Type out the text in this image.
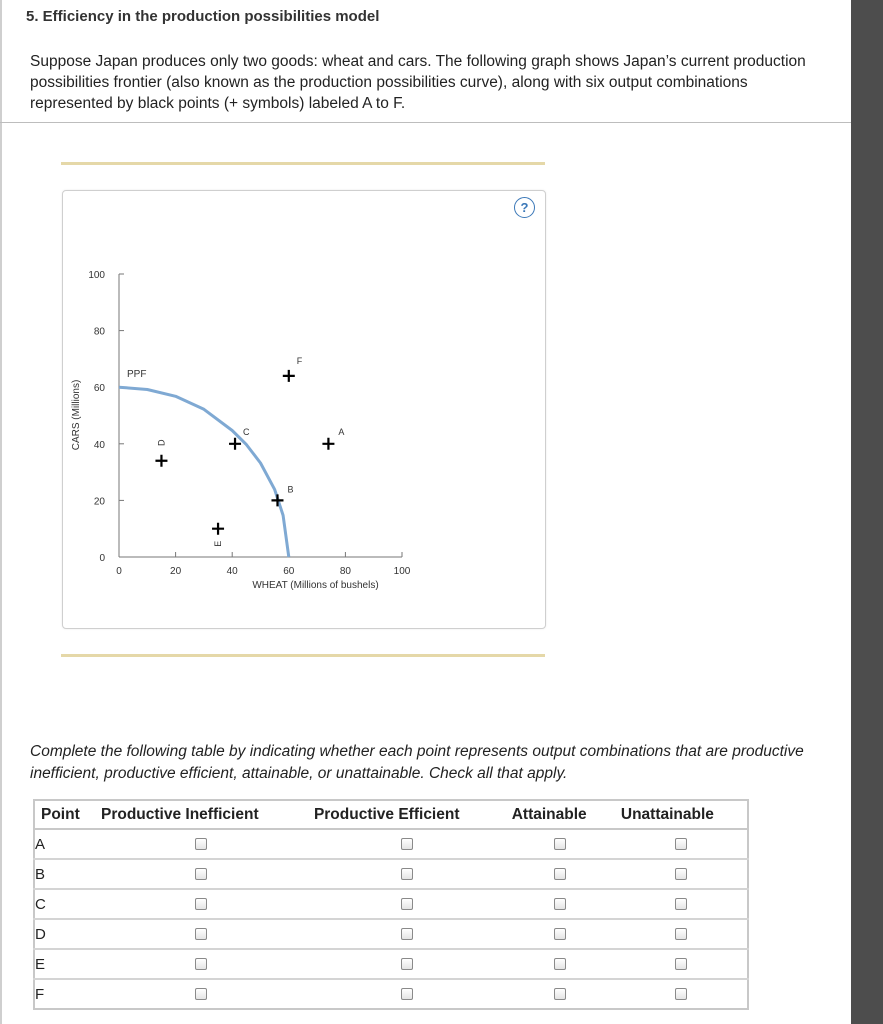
5. Efficiency in the production possibilities model

Suppose Japan produces only two goods: wheat and cars. The following graph shows Japan’s current production possibilities frontier (also known as the production possibilities curve), along with six output combinations represented by black points (+ symbols) labeled A to F.

0
20
40
60
80
100
0	20	40	60	80	100
WHEAT (Millions of bushels)
CARS (Millions)
PPF
A
B
C
D
E
F
?

Complete the following table by indicating whether each point represents output combinations that are productive inefficient, productive efficient, attainable, or unattainable. Check all that apply.

Point	Productive Inefficient	Productive Efficient	Attainable	Unattainable
A				
B				
C				
D				
E				
F				
